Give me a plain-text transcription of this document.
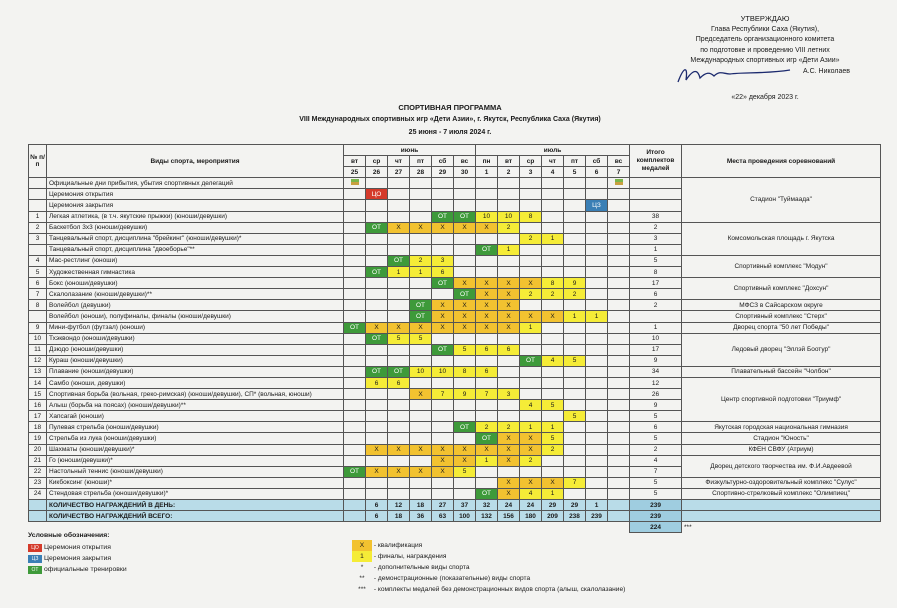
УТВЕРЖДАЮ
Глава Республики Саха (Якутия),
Председатель организационного комитета
по подготовке и проведению VIII летних
Международных спортивных игр «Дети Азии»
А.С. Николаев
«22» декабря 2023 г.
СПОРТИВНАЯ ПРОГРАММА
VIII Международных спортивных игр «Дети Азии», г. Якутск, Республика Саха (Якутия)
25 июня - 7 июля 2024 г.
№ п/п	Виды спорта, мероприятия	июнь						июль							Итого комплектов медалей	Места проведения соревнований
		вт	ср	чт	пт	сб	вс	пн	вт	ср	чт	пт	сб	вс		
		25	26	27	28	29	30	1	2	3	4	5	6	7		
	Официальные дни прибытия, убытия спортивных делегаций															Стадион "Туймаада"
	Церемония открытия		ЦО													
	Церемония закрытия												ЦЗ			
1	Легкая атлетика, (в т.ч. якутские прыжки) (юноши/девушки)					ОТ	ОТ	10	10	8					38	
2	Баскетбол 3х3 (юноши/девушки)		ОТ	X	X	X	X	X	2						2	Комсомольская площадь г. Якутска
3	Танцевальный спорт, дисциплина "брейкинг" (юноши/девушки)*									2	1				3	
	Танцевальный спорт, дисциплина "двоеборье"**							ОТ	1						1	
4	Мас-рестлинг (юноши)			ОТ	2	3									5	Спортивный комплекс "Модун"
5	Художественная гимнастика		ОТ	1	1	6									8	
6	Бокс (юноши/девушки)					ОТ	X	X	X	X	8	9			17	Спортивный комплекс "Дохсун"
7	Скалолазание (юноши/девушки)**						ОТ	X	X	2	2	2			6	
8	Волейбол (девушки)				ОТ	X	X	X	X						2	МФСЗ в Сайсарском округе
	Волейбол (юноши), полуфиналы, финалы (юноши/девушки)				ОТ	X	X	X	X	X	X	1	1			Спортивный комплекс "Стерх"
9	Мини-футбол (футзал) (юноши)	ОТ	X	X	X	X	X	X	X	1					1	Дворец спорта "50 лет Победы"
10	Тхэквондо (юноши/девушки)		ОТ	5	5										10	Ледовый дворец "Эллэй Боотур"
11	Дзюдо (юноши/девушки)					ОТ	5	6	6						17	
12	Кураш (юноши/девушки)									ОТ	4	5			9	
13	Плавание (юноши/девушки)		ОТ	ОТ	10	10	8	6							34	Плавательный бассейн "Чолбон"
14	Самбо (юноши, девушки)		6	6											12	Центр спортивной подготовки "Триумф"
15	Спортивная борьба (вольная, греко-римская) (юноши/девушки), СП* (вольная, юноши)				X	7	9	7	3						26	
16	Алыш (борьба на поясах) (юноши/девушки)**									4	5				9	
17	Хапсагай (юноши)											5			5	
18	Пулевая стрельба (юноши/девушки)						ОТ	2	2	1	1				6	Якутская городская национальная гимназия
19	Стрельба из лука (юноши/девушки)							ОТ	X	X	5				5	Стадион "Юность"
20	Шахматы (юноши/девушки)*		X	X	X	X	X	X	X	X	2				2	КФЕН СВФУ (Атриум)
21	Го (юноши/девушки)*					X	X	1	X	2					4	Дворец детского творчества им. Ф.И.Авдеевой
22	Настольный теннис (юноши/девушки)	ОТ	X	X	X	X	5								7	
23	Кикбоксинг (юноши)*								X	X	X	7			5	Физкультурно-оздоровительный комплекс "Сулус"
24	Стендовая стрельба (юноши/девушки)*							ОТ	X	4	1				5	Спортивно-стрелковый комплекс "Олимпиец"
	КОЛИЧЕСТВО НАГРАЖДЕНИЙ В ДЕНЬ:		6	12	18	27	37	32	24	24	29	29	1		239	
	КОЛИЧЕСТВО НАГРАЖДЕНИЙ ВСЕГО:		6	18	36	63	100	132	156	180	209	238	239		239	
															224	***
Условные обозначения:
ЦО Церемония открытия
ЦЗ Церемония закрытия
ОТ официальные тренировки
Х - квалификация
1 - финалы, награждения
* - дополнительные виды спорта
** - демонстрационные (показательные) виды спорта
*** - комплекты медалей без демонстрационных видов спорта (алыш, скалолазание)
